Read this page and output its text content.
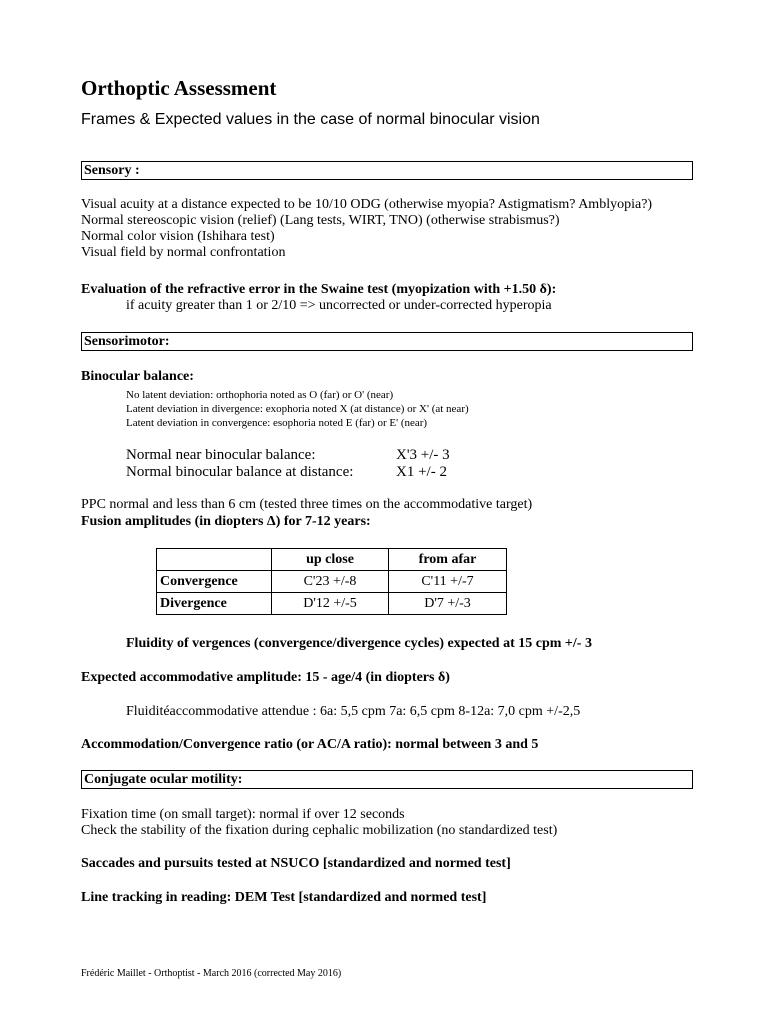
Orthoptic Assessment
Frames & Expected values in the case of normal binocular vision
Sensory :
Visual acuity at a distance expected to be 10/10 ODG (otherwise myopia? Astigmatism? Amblyopia?)
Normal stereoscopic vision (relief) (Lang tests, WIRT, TNO) (otherwise strabismus?)
Normal color vision (Ishihara test)
Visual field by normal confrontation
Evaluation of the refractive error in the Swaine test (myopization with +1.50 δ):
if acuity greater than 1 or 2/10 => uncorrected or under-corrected hyperopia
Sensorimotor:
Binocular balance:
No latent deviation: orthophoria noted as O (far) or O' (near)
Latent deviation in divergence: exophoria noted X (at distance) or X' (at near)
Latent deviation in convergence: esophoria noted E (far) or E' (near)
Normal near binocular balance:	X'3 +/- 3
Normal binocular balance at distance:	X1 +/- 2
PPC normal and less than 6 cm (tested three times on the accommodative target)
Fusion amplitudes (in diopters Δ) for 7-12 years:
	up close	from afar
Convergence	C'23 +/-8	C'11 +/-7
Divergence	D'12 +/-5	D'7 +/-3
Fluidity of vergences (convergence/divergence cycles) expected at 15 cpm +/- 3
Expected accommodative amplitude: 15 - age/4 (in diopters δ)
Fluiditéaccommodative attendue : 6a: 5,5 cpm 7a: 6,5 cpm 8-12a: 7,0 cpm +/-2,5
Accommodation/Convergence ratio (or AC/A ratio): normal between 3 and 5
Conjugate ocular motility:
Fixation time (on small target): normal if over 12 seconds
Check the stability of the fixation during cephalic mobilization (no standardized test)
Saccades and pursuits tested at NSUCO [standardized and normed test]
Line tracking in reading: DEM Test [standardized and normed test]
Frédéric Maillet - Orthoptist - March 2016 (corrected May 2016)
